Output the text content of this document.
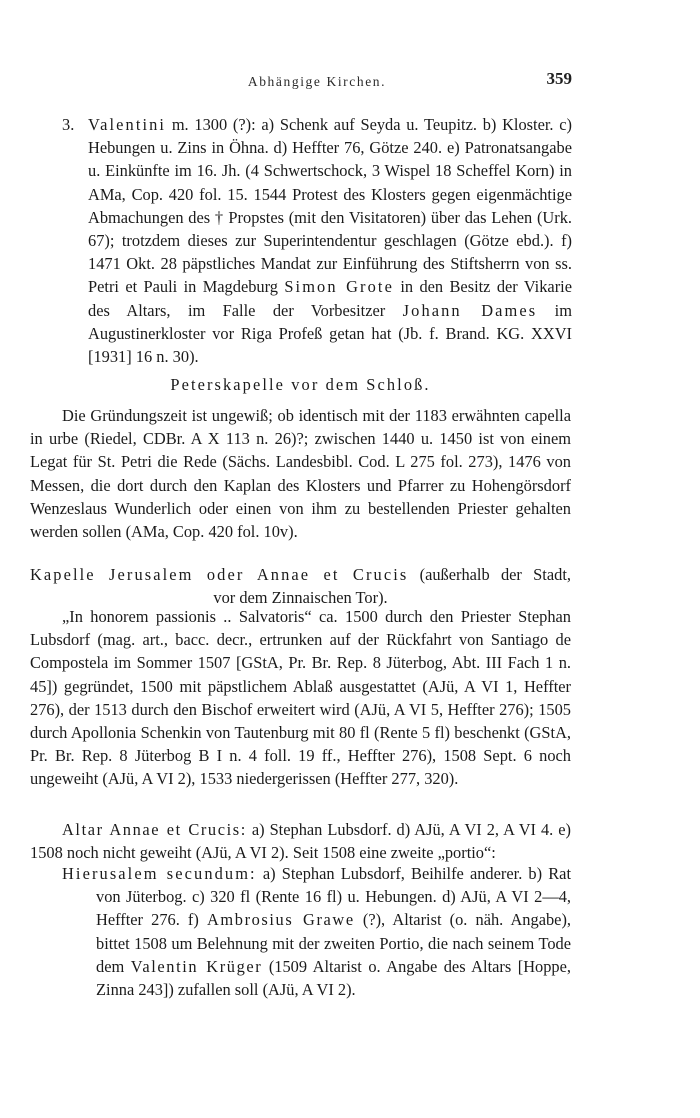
Abhängige Kirchen.	359
3. Valentini m. 1300 (?): a) Schenk auf Seyda u. Teupitz. b) Kloster. c) Hebungen u. Zins in Öhna. d) Heffter 76, Götze 240. e) Patronatsangabe u. Einkünfte im 16. Jh. (4 Schwertschock, 3 Wispel 18 Scheffel Korn) in AMa, Cop. 420 fol. 15. 1544 Protest des Klosters gegen eigenmächtige Abmachungen des † Propstes (mit den Visitatoren) über das Lehen (Urk. 67); trotzdem dieses zur Superintendentur geschlagen (Götze ebd.). f) 1471 Okt. 28 päpstliches Mandat zur Einführung des Stiftsherrn von ss. Petri et Pauli in Magdeburg Simon Grote in den Besitz der Vikarie des Altars, im Falle der Vorbesitzer Johann Dames im Augustinerkloster vor Riga Profeß getan hat (Jb. f. Brand. KG. XXVI [1931] 16 n. 30).
Peterskapelle vor dem Schloß.

Die Gründungszeit ist ungewiß; ob identisch mit der 1183 erwähnten capella in urbe (Riedel, CDBr. A X 113 n. 26)?; zwischen 1440 u. 1450 ist von einem Legat für St. Petri die Rede (Sächs. Landesbibl. Cod. L 275 fol. 273), 1476 von Messen, die dort durch den Kaplan des Klosters und Pfarrer zu Hohengörsdorf Wenzeslaus Wunderlich oder einen von ihm zu bestellenden Priester gehalten werden sollen (AMa, Cop. 420 fol. 10v).

Kapelle Jerusalem oder Annae et Crucis (außerhalb der Stadt,
vor dem Zinnaischen Tor).

„In honorem passionis .. Salvatoris“ ca. 1500 durch den Priester Stephan Lubsdorf (mag. art., bacc. decr., ertrunken auf der Rückfahrt von Santiago de Compostela im Sommer 1507 [GStA, Pr. Br. Rep. 8 Jüterbog, Abt. III Fach 1 n. 45]) gegründet, 1500 mit päpstlichem Ablaß ausgestattet (AJü, A VI 1, Heffter 276), der 1513 durch den Bischof erweitert wird (AJü, A VI 5, Heffter 276); 1505 durch Apollonia Schenkin von Tautenburg mit 80 fl (Rente 5 fl) beschenkt (GStA, Pr. Br. Rep. 8 Jüterbog B I n. 4 foll. 19 ff., Heffter 276), 1508 Sept. 6 noch ungeweiht (AJü, A VI 2), 1533 niedergerissen (Heffter 277, 320).

Altar Annae et Crucis: a) Stephan Lubsdorf. d) AJü, A VI 2, A VI 4. e) 1508 noch nicht geweiht (AJü, A VI 2). Seit 1508 eine zweite „portio“:

Hierusalem secundum: a) Stephan Lubsdorf, Beihilfe anderer. b) Rat von Jüterbog. c) 320 fl (Rente 16 fl) u. Hebungen. d) AJü, A VI 2—4, Heffter 276. f) Ambrosius Grawe (?), Altarist (o. näh. Angabe), bittet 1508 um Belehnung mit der zweiten Portio, die nach seinem Tode dem Valentin Krüger (1509 Altarist o. Angabe des Altars [Hoppe, Zinna 243]) zufallen soll (AJü, A VI 2).
